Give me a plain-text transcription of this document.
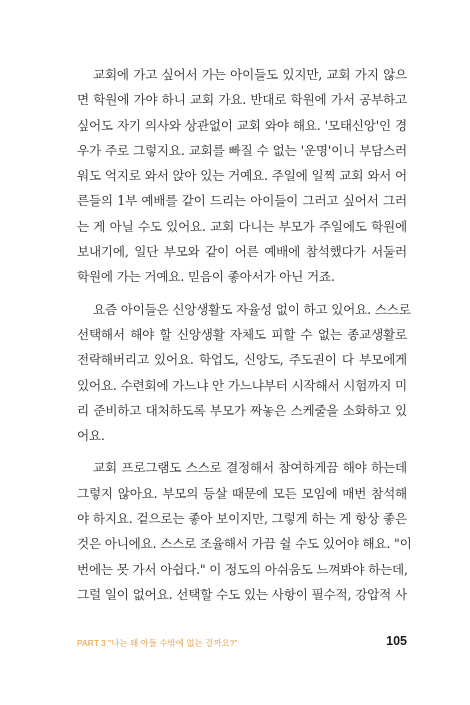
교회에 가고 싶어서 가는 아이들도 있지만, 교회 가지 않으
면 학원에 가야 하니 교회 가요. 반대로 학원에 가서 공부하고
싶어도 자기 의사와 상관없이 교회 와야 해요. '모태신앙'인 경
우가 주로 그렇지요. 교회를 빠질 수 없는 '운명'이니 부담스러
워도 억지로 와서 앉아 있는 거예요. 주일에 일찍 교회 와서 어
른들의 1부 예배를 같이 드리는 아이들이 그러고 싶어서 그러
는 게 아닐 수도 있어요. 교회 다니는 부모가 주일에도 학원에
보내기에, 일단 부모와 같이 어른 예배에 참석했다가 서둘러
학원에 가는 거예요. 믿음이 좋아서가 아닌 거죠.
요즘 아이들은 신앙생활도 자율성 없이 하고 있어요. 스스로
선택해서 해야 할 신앙생활 자체도 피할 수 없는 종교생활로
전락해버리고 있어요. 학업도, 신앙도, 주도권이 다 부모에게
있어요. 수련회에 가느냐 안 가느냐부터 시작해서 시험까지 미
리 준비하고 대처하도록 부모가 짜놓은 스케줄을 소화하고 있
어요.
교회 프로그램도 스스로 결정해서 참여하게끔 해야 하는데
그렇지 않아요. 부모의 등살 때문에 모든 모임에 매번 참석해
야 하지요. 겉으로는 좋아 보이지만, 그렇게 하는 게 항상 좋은
것은 아니에요. 스스로 조율해서 가끔 쉴 수도 있어야 해요. "이
번에는 못 가서 아쉽다." 이 정도의 아쉬움도 느껴봐야 하는데,
그럴 일이 없어요. 선택할 수도 있는 사항이 필수적, 강압적 사
PART 3 "나는 왜 아들 수밖에 없는 걸까요?"	105
